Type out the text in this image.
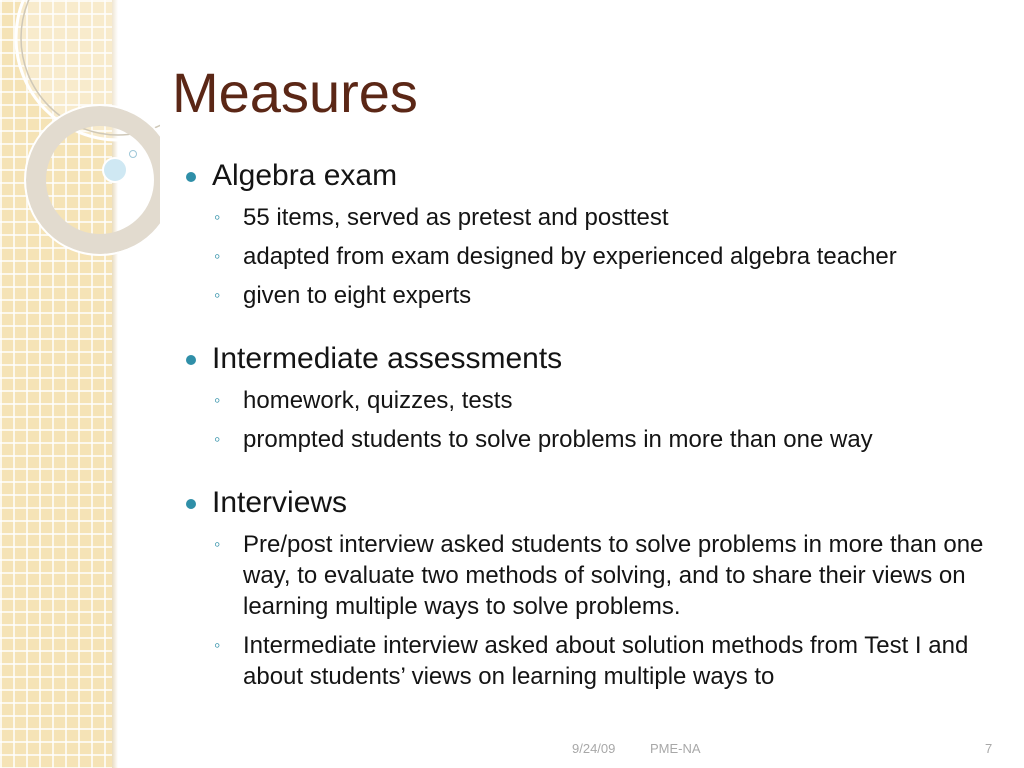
Measures
Algebra exam
◦ 55 items, served as pretest and posttest
◦ adapted from exam designed by experienced algebra teacher
◦ given to eight experts
Intermediate assessments
◦ homework, quizzes, tests
◦ prompted students to solve problems in more than one way
Interviews
◦ Pre/post interview asked students to solve problems in more than one way, to evaluate two methods of solving, and to share their views on learning multiple ways to solve problems.
◦ Intermediate interview asked about solution methods from Test I and about students’ views on learning multiple ways to
9/24/09	PME-NA	7
